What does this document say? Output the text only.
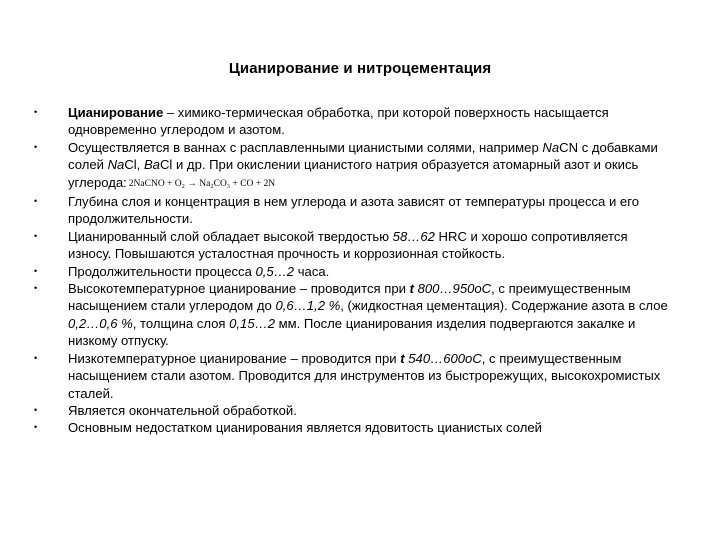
Цианирование и нитроцементация
•	Цианирование – химико-термическая обработка, при которой поверхность насыщается одновременно углеродом и азотом.
•	Осуществляется в ваннах с расплавленными цианистыми солями, например NaCN с добавками солей NaCl, BaCl и др. При окислении цианистого натрия образуется атомарный азот и окись углерода: 2NaCNO + O₂ → Na₂CO₃ + CO + 2N
•	Глубина слоя и концентрация в нем углерода и азота зависят от температуры процесса и его продолжительности.
•	Цианированный слой обладает высокой твердостью 58…62 HRC и хорошо сопротивляется износу. Повышаются усталостная прочность и коррозионная стойкость.
•	Продолжительности процесса 0,5…2 часа.
•	Высокотемпературное цианирование – проводится при t 800…950оС, с преимущественным насыщением стали углеродом до 0,6…1,2 %, (жидкостная цементация). Содержание азота в слое 0,2…0,6 %, толщина слоя 0,15…2 мм. После цианирования изделия подвергаются закалке и низкому отпуску.
•	Низкотемпературное цианирование – проводится при t 540…600оС, с преимущественным насыщением стали азотом. Проводится для инструментов из быстрорежущих, высокохромистых сталей.
•	Является окончательной обработкой.
•	Основным недостатком цианирования является ядовитость цианистых солей
